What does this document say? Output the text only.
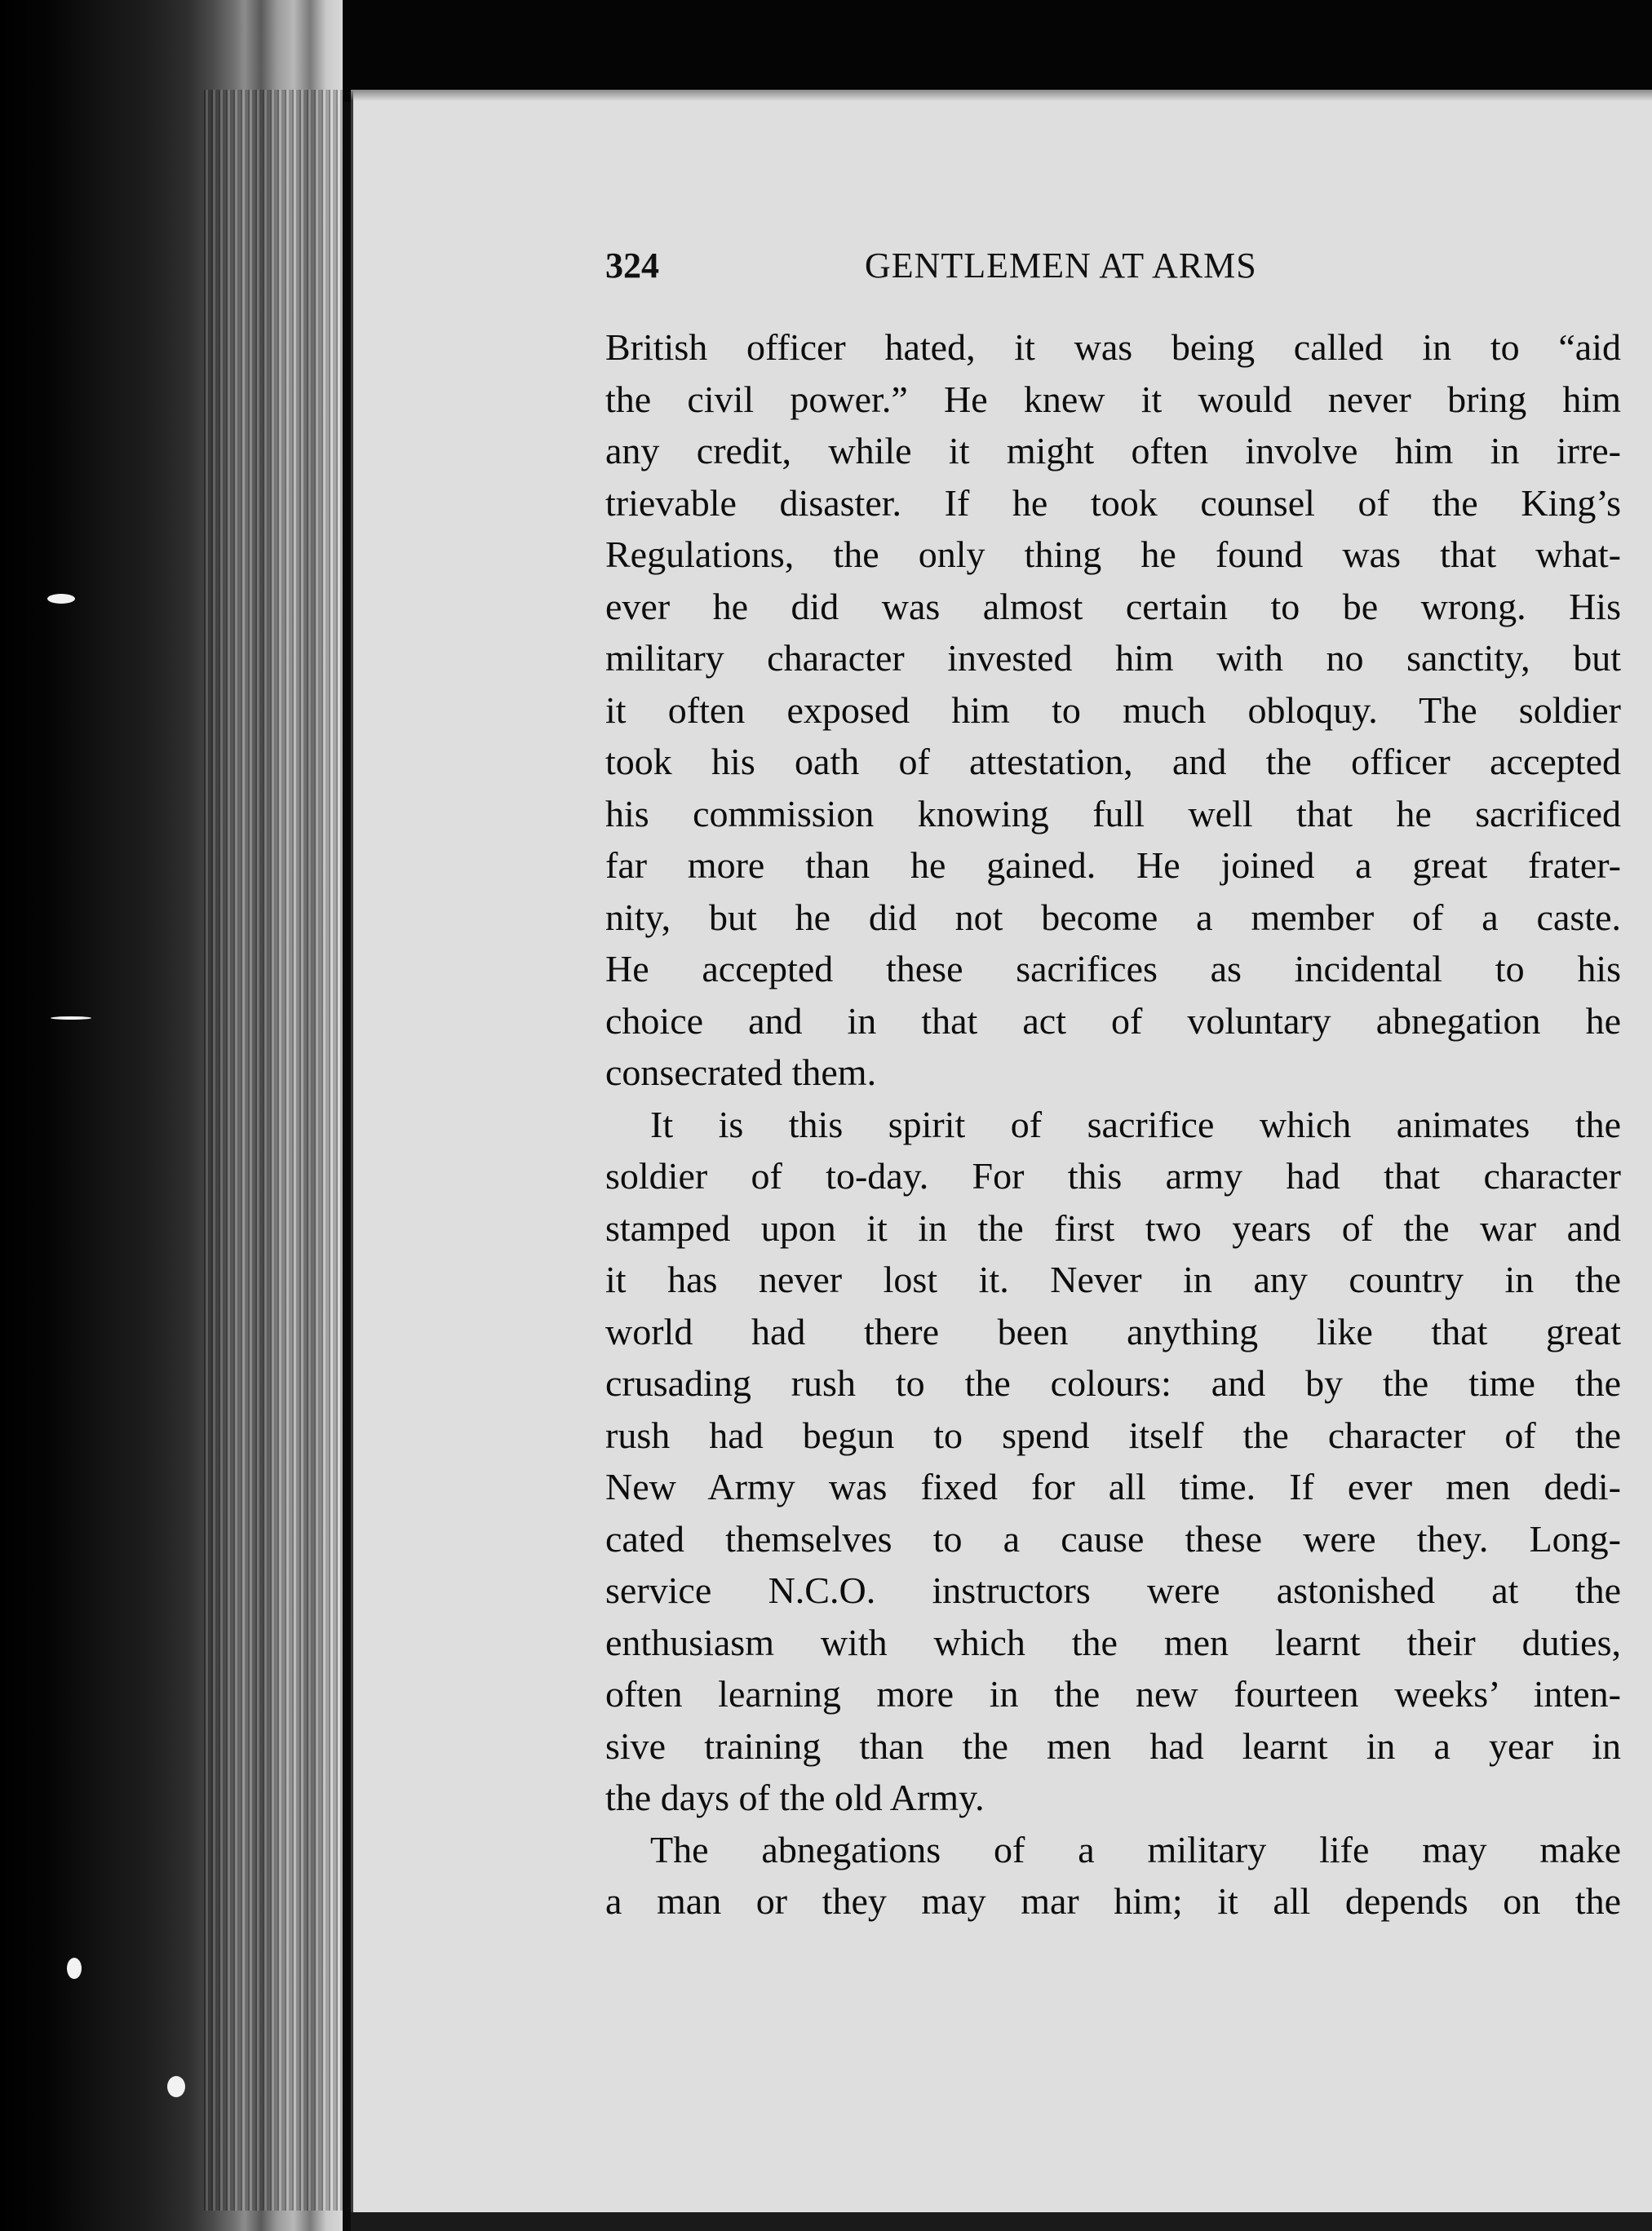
324	GENTLEMEN AT ARMS
British officer hated, it was being called in to “aid
the civil power.” He knew it would never bring him
any credit, while it might often involve him in irre-
trievable disaster. If he took counsel of the King’s
Regulations, the only thing he found was that what-
ever he did was almost certain to be wrong. His
military character invested him with no sanctity, but
it often exposed him to much obloquy. The soldier
took his oath of attestation, and the officer accepted
his commission knowing full well that he sacrificed
far more than he gained. He joined a great frater-
nity, but he did not become a member of a caste.
He accepted these sacrifices as incidental to his
choice and in that act of voluntary abnegation he
consecrated them.
It is this spirit of sacrifice which animates the
soldier of to-day. For this army had that character
stamped upon it in the first two years of the war and
it has never lost it. Never in any country in the
world had there been anything like that great
crusading rush to the colours: and by the time the
rush had begun to spend itself the character of the
New Army was fixed for all time. If ever men dedi-
cated themselves to a cause these were they. Long-
service N.C.O. instructors were astonished at the
enthusiasm with which the men learnt their duties,
often learning more in the new fourteen weeks’ inten-
sive training than the men had learnt in a year in
the days of the old Army.
The abnegations of a military life may make
a man or they may mar him; it all depends on the
